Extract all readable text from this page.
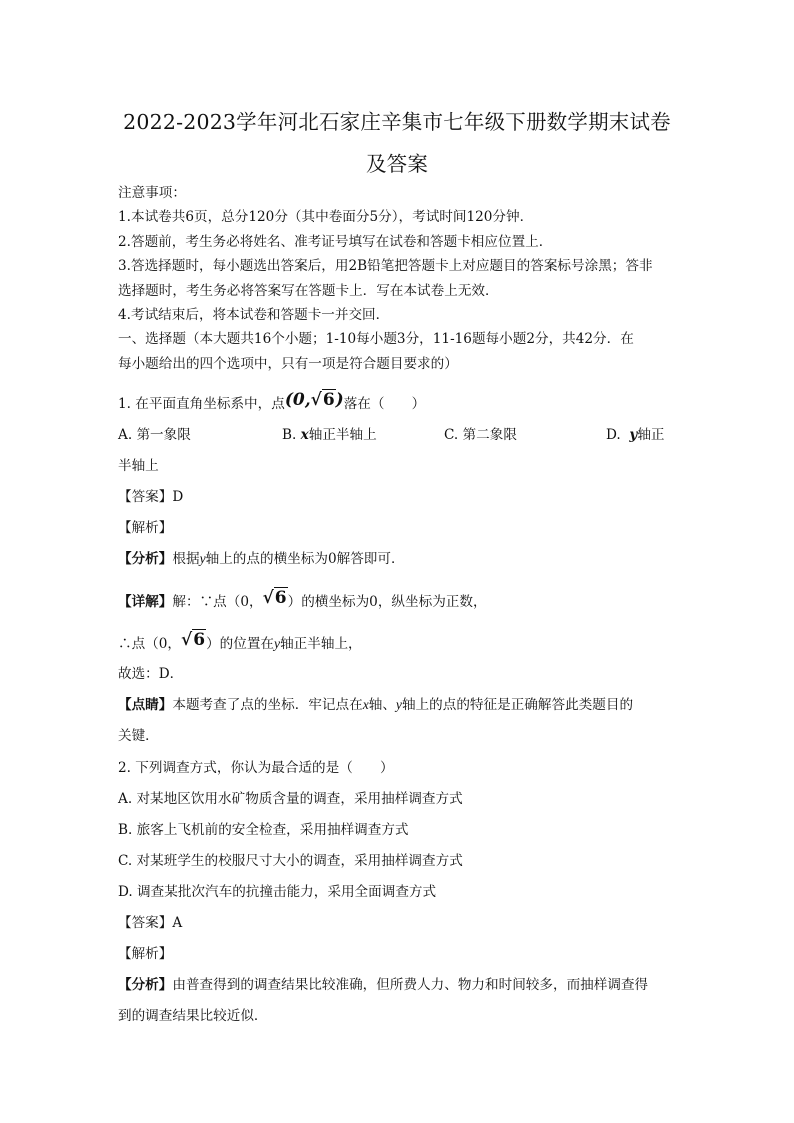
2022-2023学年河北石家庄辛集市七年级下册数学期末试卷
及答案
注意事项：
1.本试卷共6页，总分120分（其中卷面分5分），考试时间120分钟．
2.答题前，考生务必将姓名、准考证号填写在试卷和答题卡相应位置上．
3.答选择题时，每小题选出答案后，用2B铅笔把答题卡上对应题目的答案标号涂黑；答非
选择题时，考生务必将答案写在答题卡上．写在本试卷上无效．
4.考试结束后，将本试卷和答题卡一并交回．
一、选择题（本大题共16个小题；1-10每小题3分，11-16题每小题2分，共42分．在
每小题给出的四个选项中，只有一项是符合题目要求的）
1. 在平面直角坐标系中，点(0,√6)落在（　　）
A. 第一象限	B. x轴正半轴上	C. 第二象限	D. y轴正
半轴上
【答案】D
【解析】
【分析】根据y轴上的点的横坐标为0解答即可．
【详解】解：∵点（0，√6）的横坐标为0，纵坐标为正数，
∴点（0，√6）的位置在y轴正半轴上，
故选：D．
【点睛】本题考查了点的坐标．牢记点在x轴、y轴上的点的特征是正确解答此类题目的
关键．
2. 下列调查方式，你认为最合适的是（　　）
A. 对某地区饮用水矿物质含量的调查，采用抽样调查方式
B. 旅客上飞机前的安全检查，采用抽样调查方式
C. 对某班学生的校服尺寸大小的调查，采用抽样调查方式
D. 调查某批次汽车的抗撞击能力，采用全面调查方式
【答案】A
【解析】
【分析】由普查得到的调查结果比较准确，但所费人力、物力和时间较多，而抽样调查得
到的调查结果比较近似．
